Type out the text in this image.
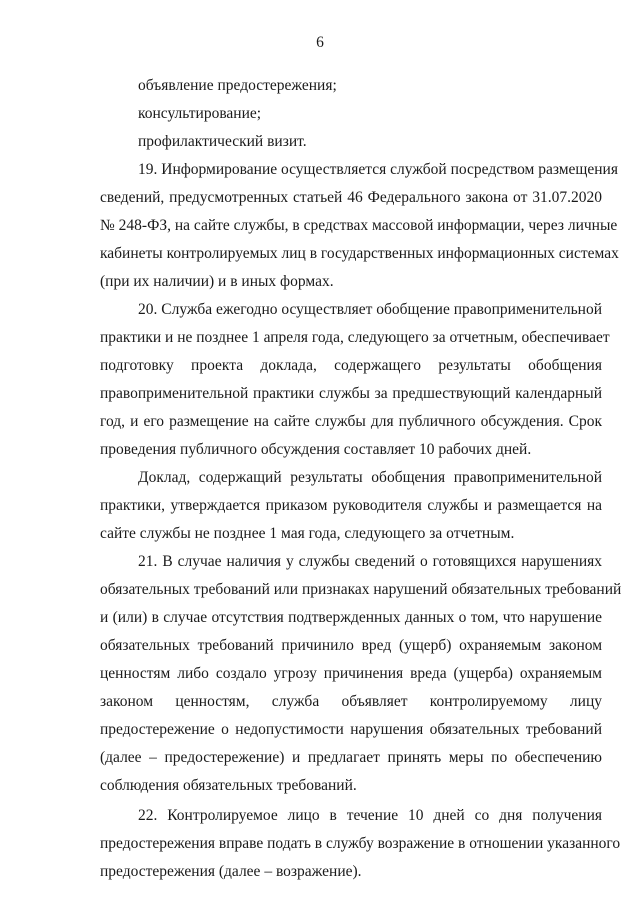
6
объявление предостережения;
консультирование;
профилактический визит.
19. Информирование осуществляется службой посредством размещения
сведений, предусмотренных статьей 46 Федерального закона от 31.07.2020
№ 248-ФЗ, на сайте службы, в средствах массовой информации, через личные
кабинеты контролируемых лиц в государственных информационных системах
(при их наличии) и в иных формах.
20. Служба ежегодно осуществляет обобщение правоприменительной
практики и не позднее 1 апреля года, следующего за отчетным, обеспечивает
подготовку проекта доклада, содержащего результаты обобщения
правоприменительной практики службы за предшествующий календарный
год, и его размещение на сайте службы для публичного обсуждения. Срок
проведения публичного обсуждения составляет 10 рабочих дней.
Доклад, содержащий результаты обобщения правоприменительной
практики, утверждается приказом руководителя службы и размещается на
сайте службы не позднее 1 мая года, следующего за отчетным.
21. В случае наличия у службы сведений о готовящихся нарушениях
обязательных требований или признаках нарушений обязательных требований
и (или) в случае отсутствия подтвержденных данных о том, что нарушение
обязательных требований причинило вред (ущерб) охраняемым законом
ценностям либо создало угрозу причинения вреда (ущерба) охраняемым
законом ценностям, служба объявляет контролируемому лицу
предостережение о недопустимости нарушения обязательных требований
(далее – предостережение) и предлагает принять меры по обеспечению
соблюдения обязательных требований.
22. Контролируемое лицо в течение 10 дней со дня получения
предостережения вправе подать в службу возражение в отношении указанного
предостережения (далее – возражение).
